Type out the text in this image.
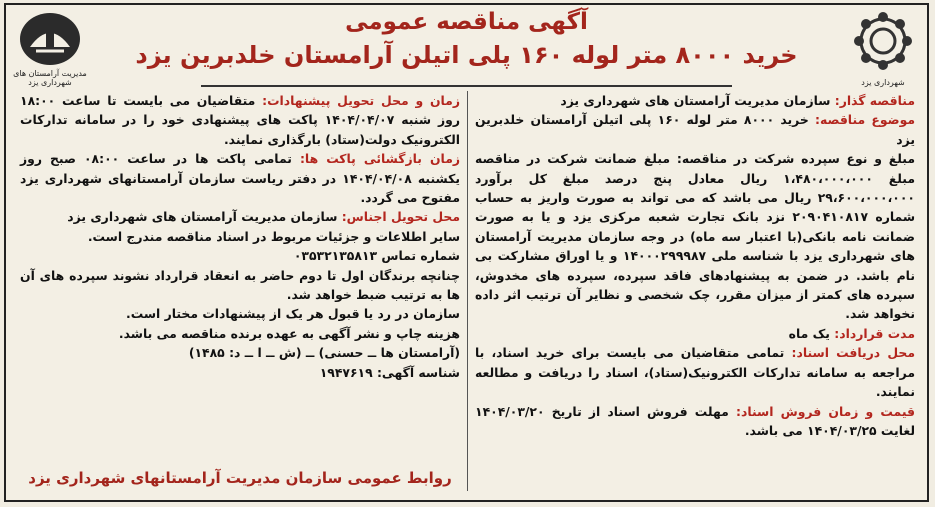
شهرداری یزد
آگهی مناقصه عمومی
خرید ۸۰۰۰ متر لوله ۱۶۰ پلی اتیلن آرامستان خلدبرین یزد
مدیریت آرامستان های شهرداری یزد

مناقصه گذار: سازمان مدیریت آرامستان های شهرداری یزد

موضوع مناقصه: خرید ۸۰۰۰ متر لوله ۱۶۰ پلی اتیلن آرامستان خلدبرین یزد

مبلغ و نوع سپرده شرکت در مناقصه: مبلغ ضمانت شرکت در مناقصه مبلغ ۱،۴۸۰،۰۰۰،۰۰۰ ریال معادل پنج درصد مبلغ کل برآورد ۲۹،۶۰۰،۰۰۰،۰۰۰ ریال می باشد که می تواند به صورت واریز به حساب شماره ۲۰۹۰۴۱۰۸۱۷ نزد بانک تجارت شعبه مرکزی یزد و یا به صورت ضمانت نامه بانکی(با اعتبار سه ماه) در وجه سازمان مدیریت آرامستان های شهرداری یزد با شناسه ملی ۱۴۰۰۰۲۹۹۹۸۷ و یا اوراق مشارکت بی نام باشد. در ضمن به پیشنهادهای فاقد سپرده، سپرده های مخدوش، سپرده های کمتر از میزان مقرر، چک شخصی و نظایر آن ترتیب اثر داده نخواهد شد.

مدت قرارداد: یک ماه

محل دریافت اسناد: تمامی متقاضیان می بایست برای خرید اسناد، با مراجعه به سامانه تدارکات الکترونیک(ستاد)، اسناد را دریافت و مطالعه نمایند.

قیمت و زمان فروش اسناد: مهلت فروش اسناد از تاریخ ۱۴۰۴/۰۳/۲۰ لغایت ۱۴۰۴/۰۳/۲۵ می باشد.

زمان و محل تحویل پیشنهادات: متقاضیان می بایست تا ساعت ۱۸:۰۰ روز شنبه ۱۴۰۴/۰۴/۰۷ پاکت های پیشنهادی خود را در سامانه تدارکات الکترونیک دولت(ستاد) بارگذاری نمایند.

زمان بازگشائی پاکت ها: تمامی پاکت ها در ساعت ۰۸:۰۰ صبح روز یکشنبه ۱۴۰۴/۰۴/۰۸ در دفتر ریاست سازمان آرامستانهای شهرداری یزد مفتوح می گردد.

محل تحویل اجناس: سازمان مدیریت آرامستان های شهرداری یزد

سایر اطلاعات و جزئیات مربوط در اسناد مناقصه مندرج است.

شماره تماس ۰۳۵۳۲۱۳۵۸۱۳

چنانچه برندگان اول تا دوم حاضر به انعقاد قرارداد نشوند سپرده های آن ها به ترتیب ضبط خواهد شد.

سازمان در رد یا قبول هر یک از پیشنهادات مختار است.

هزینه چاپ و نشر آگهی به عهده برنده مناقصه می باشد.

(آرامستان ها ــ حسنی) ــ (ش ــ ا ــ د: ۱۴۸۵)

شناسه آگهی: ۱۹۴۷۶۱۹

روابط عمومی سازمان مدیریت آرامستانهای شهرداری یزد
